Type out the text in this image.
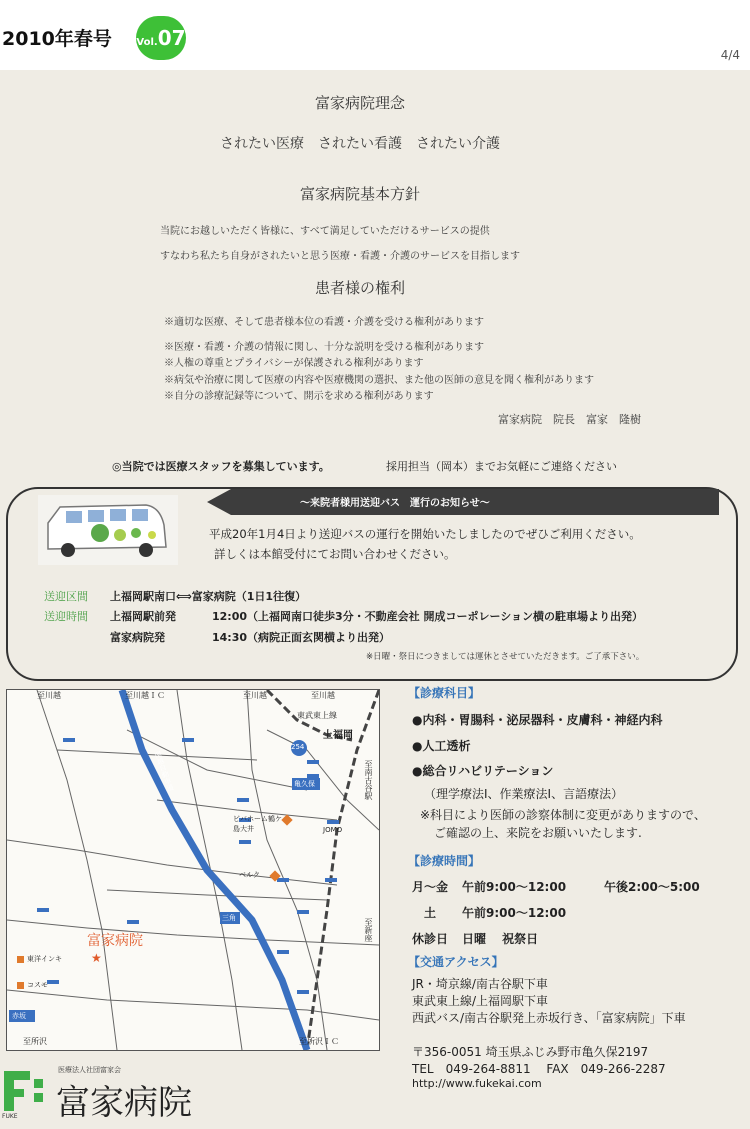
2010年春号 Vol.07
4/4
富家病院理念
されたい医療　されたい看護　されたい介護
富家病院基本方針
当院にお越しいただく皆様に、すべて満足していただけるサービスの提供
すなわち私たち自身がされたいと思う医療・看護・介護のサービスを目指します
患者様の権利
※適切な医療、そして患者様本位の看護・介護を受ける権利があります
※医療・看護・介護の情報に関し、十分な説明を受ける権利があります
※人権の尊重とプライバシーが保護される権利があります
※病気や治療に関して医療の内容や医療機関の選択、また他の医師の意見を聞く権利があります
※自分の診療記録等について、開示を求める権利があります
富家病院　院長　富家　隆樹
◎当院では医療スタッフを募集しています。	採用担当（岡本）までお気軽にご連絡ください
〜来院者様用送迎バス　運行のお知らせ〜
平成20年1月4日より送迎バスの運行を開始いたしましたのでぜひご利用ください。
詳しくは本館受付にてお問い合わせください。
送迎区間 上福岡駅南口⟺富家病院（1日1往復）
送迎時間 上福岡駅前発	12:00（上福岡南口徒歩3分・不動産会社 開成コーポレーション横の駐車場より出発）
富家病院発	14:30（病院正面玄関横より出発）
※日曜・祭日につきましては運休とさせていただきます。ご了承下さい。
★
至川越	至川越ＩＣ	至川越	至川越
東武東上線
上福岡
254
至南古谷駅
亀久保
JOMO
ビバホーム鶴ケ島大井
ベルク
関越自動車道
三角	至新座
富家病院
東洋インキ
コスモ
赤坂
至所沢	至所沢ＩＣ
【診療科目】
●内科・胃腸科・泌尿器科・皮膚科・神経内科
●人工透析
●総合リハビリテーション
（理学療法Ⅰ、作業療法Ⅰ、言語療法）
※科目により医師の診察体制に変更がありますので、
ご確認の上、来院をお願いいたします.
【診療時間】
月〜金 午前9:00〜12:00	午後2:00〜5:00
土 午前9:00〜12:00
休診日 日曜　 祝祭日
【交通アクセス】
JR・埼京線/南古谷駅下車
東武東上線/上福岡駅下車
西武バス/南古谷駅発上赤坂行き、「富家病院」下車
〒356-0051 埼玉県ふじみ野市亀久保2197
TEL　049-264-8811　 FAX　049-266-2287
http://www.fukekai.com
FUKE
医療法人社団富家会
富家病院
